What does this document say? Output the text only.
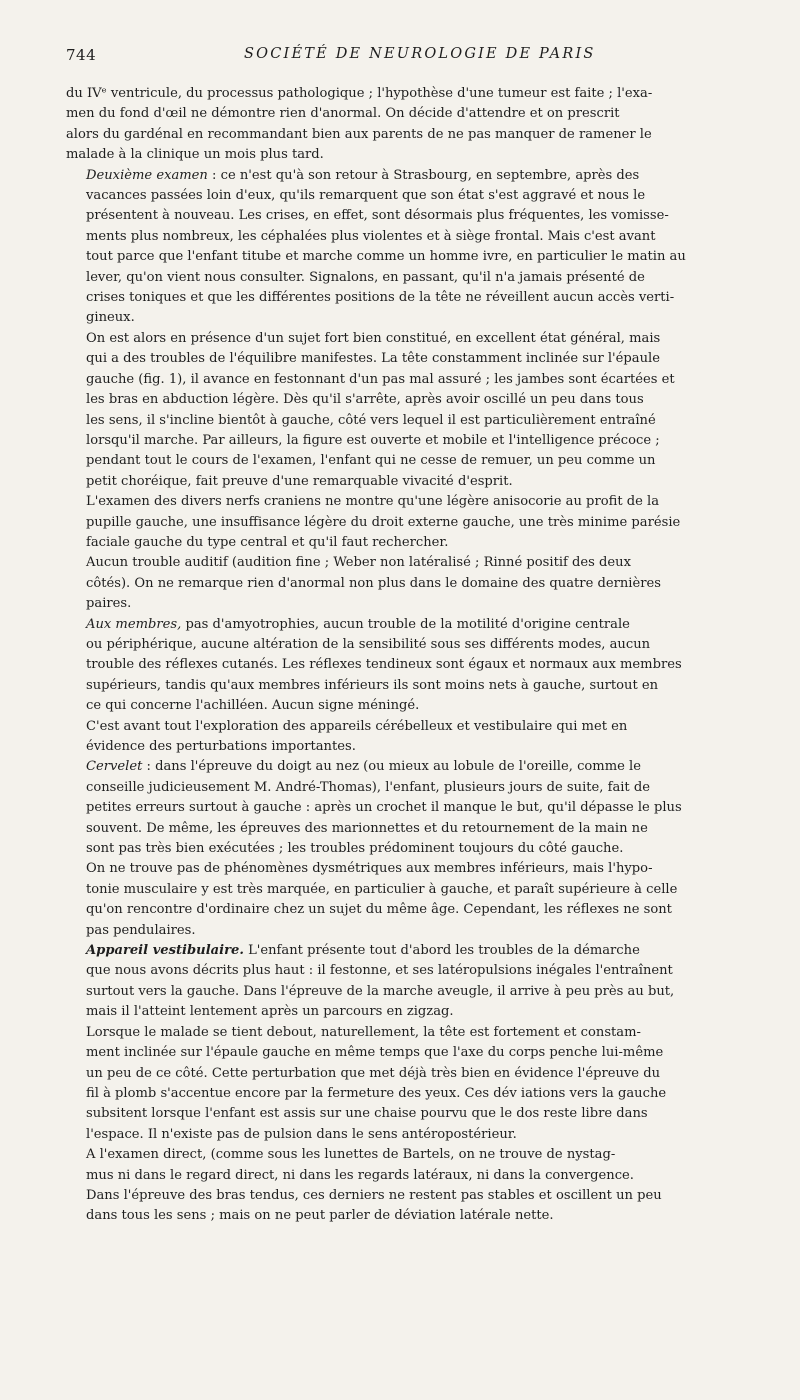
744	SOCIÉTÉ DE NEUROLOGIE DE PARIS

du IVᵉ ventricule, du processus pathologique ; l'hypothèse d'une tumeur est faite ; l'exa-
men du fond d'œil ne démontre rien d'anormal. On décide d'attendre et on prescrit
alors du gardénal en recommandant bien aux parents de ne pas manquer de ramener le
malade à la clinique un mois plus tard.

Deuxième examen : ce n'est qu'à son retour à Strasbourg, en septembre, après des
vacances passées loin d'eux, qu'ils remarquent que son état s'est aggravé et nous le
présentent à nouveau. Les crises, en effet, sont désormais plus fréquentes, les vomisse-
ments plus nombreux, les céphalées plus violentes et à siège frontal. Mais c'est avant
tout parce que l'enfant titube et marche comme un homme ivre, en particulier le matin au
lever, qu'on vient nous consulter. Signalons, en passant, qu'il n'a jamais présenté de
crises toniques et que les différentes positions de la tête ne réveillent aucun accès verti-
gineux.

On est alors en présence d'un sujet fort bien constitué, en excellent état général, mais
qui a des troubles de l'équilibre manifestes. La tête constamment inclinée sur l'épaule
gauche (fig. 1), il avance en festonnant d'un pas mal assuré ; les jambes sont écartées et
les bras en abduction légère. Dès qu'il s'arrête, après avoir oscillé un peu dans tous
les sens, il s'incline bientôt à gauche, côté vers lequel il est particulièrement entraîné
lorsqu'il marche. Par ailleurs, la figure est ouverte et mobile et l'intelligence précoce ;
pendant tout le cours de l'examen, l'enfant qui ne cesse de remuer, un peu comme un
petit choréique, fait preuve d'une remarquable vivacité d'esprit.

L'examen des divers nerfs craniens ne montre qu'une légère anisocorie au profit de la
pupille gauche, une insuffisance légère du droit externe gauche, une très minime parésie
faciale gauche du type central et qu'il faut rechercher.

Aucun trouble auditif (audition fine ; Weber non latéralisé ; Rinné positif des deux
côtés). On ne remarque rien d'anormal non plus dans le domaine des quatre dernières
paires.

Aux membres, pas d'amyotrophies, aucun trouble de la motilité d'origine centrale
ou périphérique, aucune altération de la sensibilité sous ses différents modes, aucun
trouble des réflexes cutanés. Les réflexes tendineux sont égaux et normaux aux membres
supérieurs, tandis qu'aux membres inférieurs ils sont moins nets à gauche, surtout en
ce qui concerne l'achilléen. Aucun signe méningé.

C'est avant tout l'exploration des appareils cérébelleux et vestibulaire qui met en
évidence des perturbations importantes.

Cervelet : dans l'épreuve du doigt au nez (ou mieux au lobule de l'oreille, comme le
conseille judicieusement M. André-Thomas), l'enfant, plusieurs jours de suite, fait de
petites erreurs surtout à gauche : après un crochet il manque le but, qu'il dépasse le plus
souvent. De même, les épreuves des marionnettes et du retournement de la main ne
sont pas très bien exécutées ; les troubles prédominent toujours du côté gauche.

On ne trouve pas de phénomènes dysmétriques aux membres inférieurs, mais l'hypo-
tonie musculaire y est très marquée, en particulier à gauche, et paraît supérieure à celle
qu'on rencontre d'ordinaire chez un sujet du même âge. Cependant, les réflexes ne sont
pas pendulaires.

Appareil vestibulaire. L'enfant présente tout d'abord les troubles de la démarche
que nous avons décrits plus haut : il festonne, et ses latéropulsions inégales l'entraînent
surtout vers la gauche. Dans l'épreuve de la marche aveugle, il arrive à peu près au but,
mais il l'atteint lentement après un parcours en zigzag.

Lorsque le malade se tient debout, naturellement, la tête est fortement et constam-
ment inclinée sur l'épaule gauche en même temps que l'axe du corps penche lui-même
un peu de ce côté. Cette perturbation que met déjà très bien en évidence l'épreuve du
fil à plomb s'accentue encore par la fermeture des yeux. Ces dév iations vers la gauche
subsitent lorsque l'enfant est assis sur une chaise pourvu que le dos reste libre dans
l'espace. Il n'existe pas de pulsion dans le sens antéropostérieur.

A l'examen direct, (comme sous les lunettes de Bartels, on ne trouve de nystag-
mus ni dans le regard direct, ni dans les regards latéraux, ni dans la convergence.

Dans l'épreuve des bras tendus, ces derniers ne restent pas stables et oscillent un peu
dans tous les sens ; mais on ne peut parler de déviation latérale nette.
